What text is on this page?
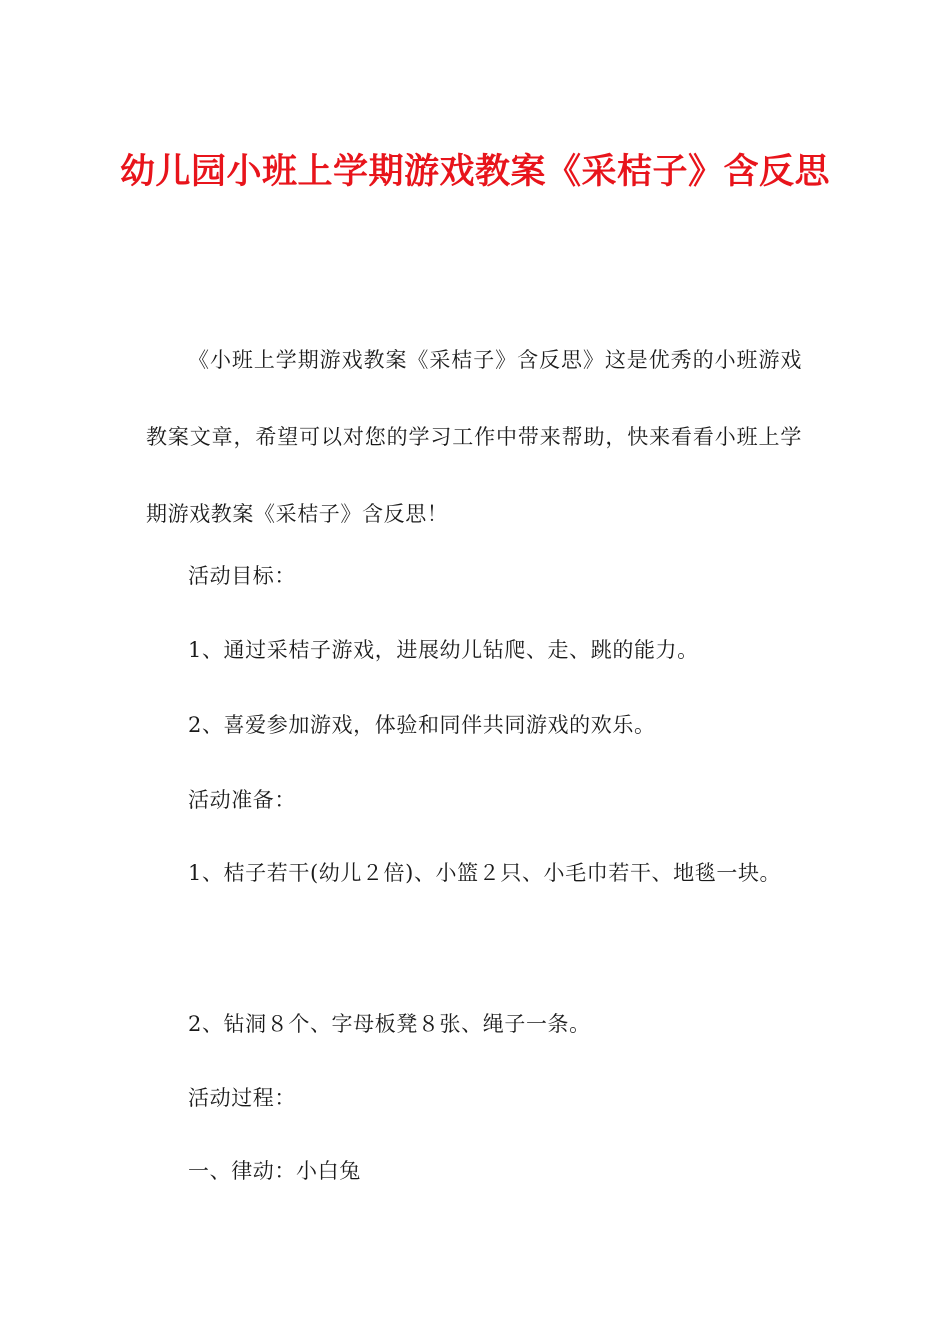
幼儿园小班上学期游戏教案《采桔子》含反思

《小班上学期游戏教案《采桔子》含反思》这是优秀的小班游戏教案文章，希望可以对您的学习工作中带来帮助，快来看看小班上学期游戏教案《采桔子》含反思！

活动目标：

1、通过采桔子游戏，进展幼儿钻爬、走、跳的能力。

2、喜爱参加游戏，体验和同伴共同游戏的欢乐。

活动准备：

1、桔子若干(幼儿２倍)、小篮２只、小毛巾若干、地毯一块。

2、钻洞８个、字母板凳８张、绳子一条。

活动过程：

一、律动：小白兔
